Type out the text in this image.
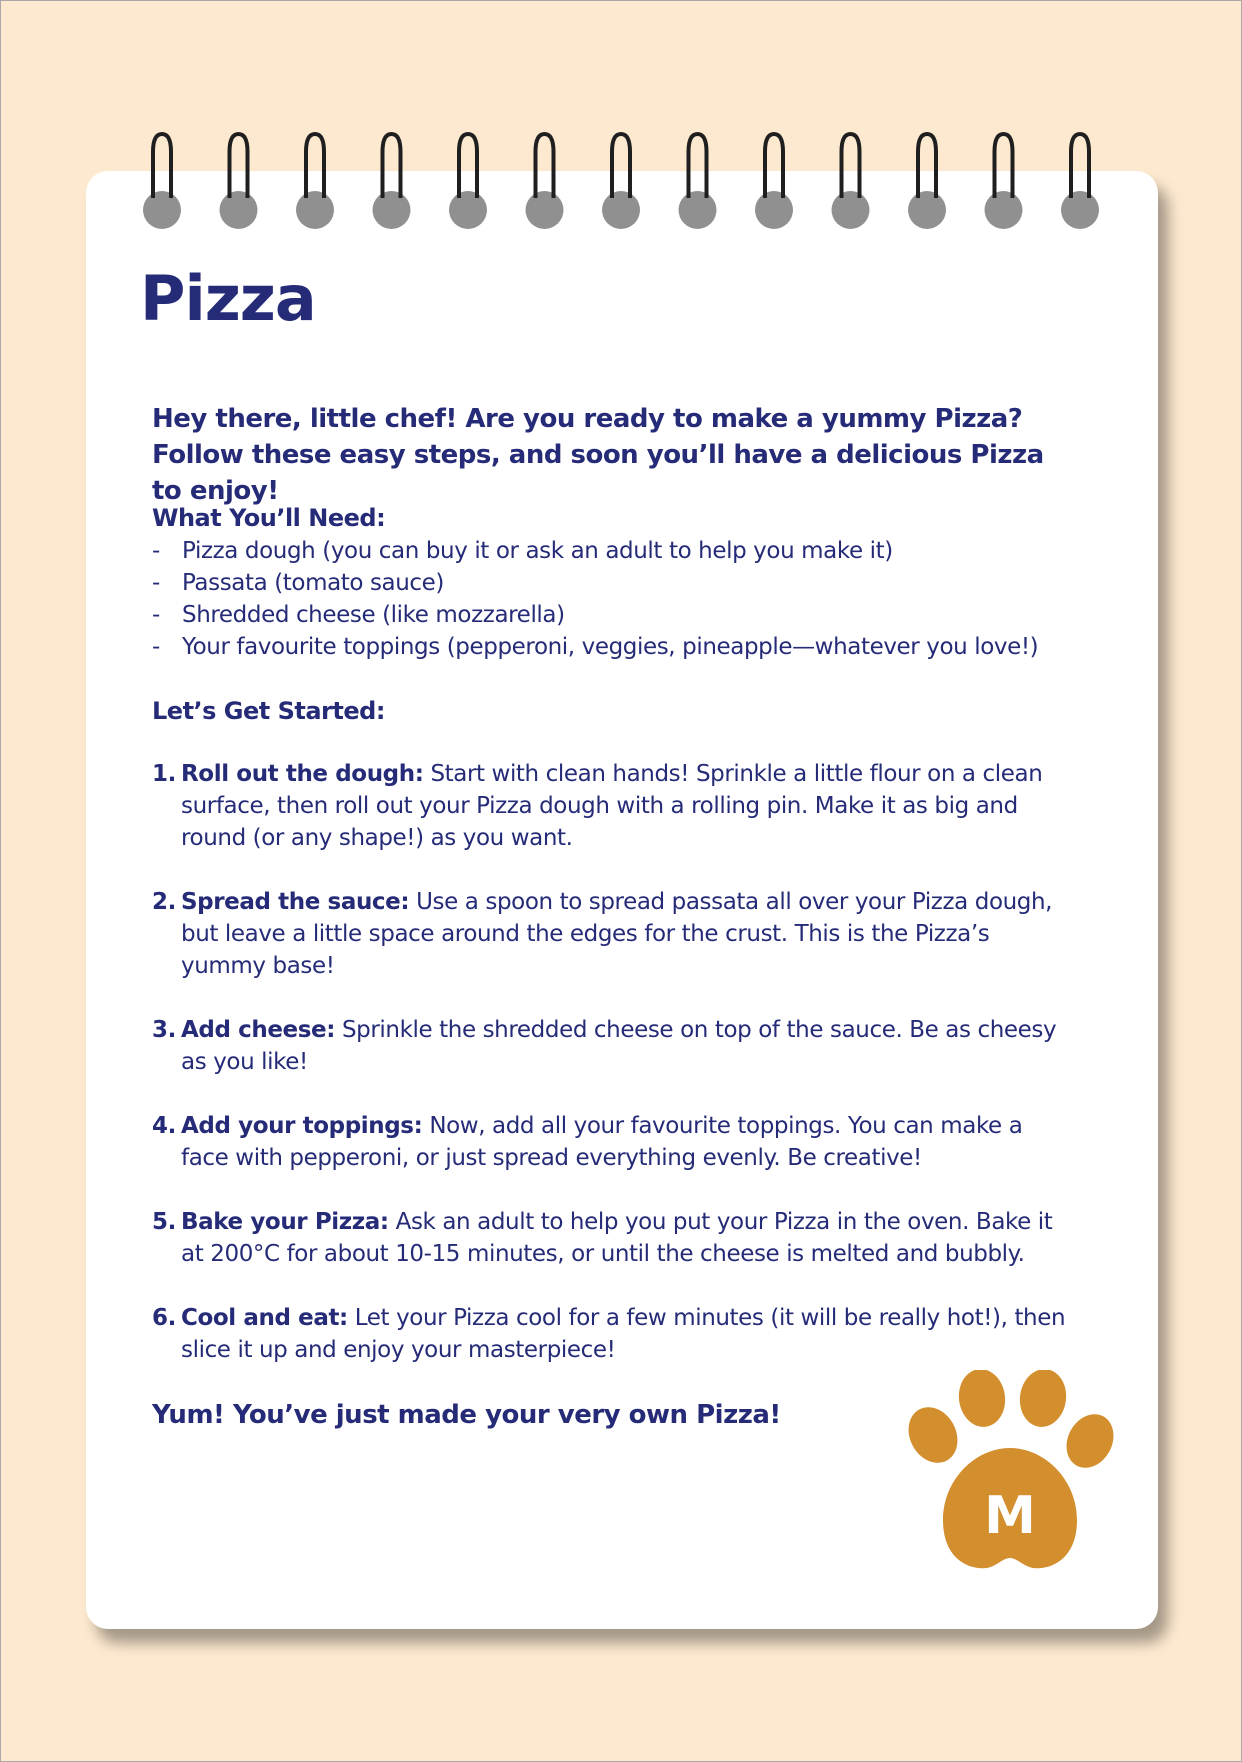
Pizza

Hey there, little chef! Are you ready to make a yummy Pizza? Follow these easy steps, and soon you’ll have a delicious Pizza to enjoy!

What You’ll Need:
- Pizza dough (you can buy it or ask an adult to help you make it)
- Passata (tomato sauce)
- Shredded cheese (like mozzarella)
- Your favourite toppings (pepperoni, veggies, pineapple—whatever you love!)
Let’s Get Started:
1. Roll out the dough: Start with clean hands! Sprinkle a little flour on a clean surface, then roll out your Pizza dough with a rolling pin. Make it as big and round (or any shape!) as you want.
2. Spread the sauce: Use a spoon to spread passata all over your Pizza dough, but leave a little space around the edges for the crust. This is the Pizza’s yummy base!
3. Add cheese: Sprinkle the shredded cheese on top of the sauce. Be as cheesy as you like!
4. Add your toppings: Now, add all your favourite toppings. You can make a face with pepperoni, or just spread everything evenly. Be creative!
5. Bake your Pizza: Ask an adult to help you put your Pizza in the oven. Bake it at 200°C for about 10-15 minutes, or until the cheese is melted and bubbly.
6. Cool and eat: Let your Pizza cool for a few minutes (it will be really hot!), then slice it up and enjoy your masterpiece!

Yum! You’ve just made your very own Pizza!

M
